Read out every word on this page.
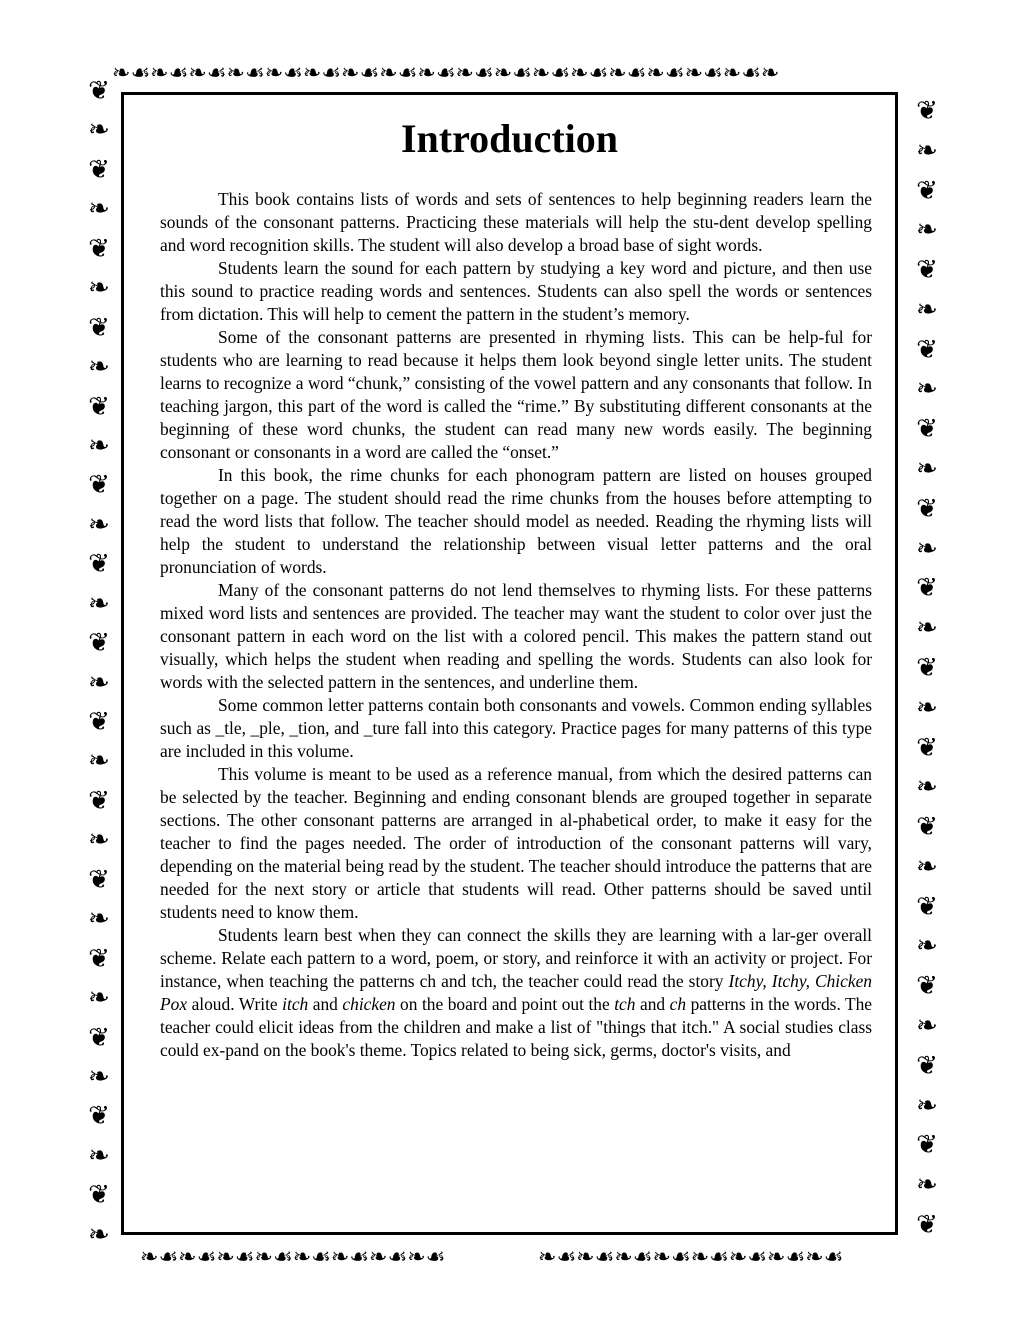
❧ ☙ ❧ ☙ ❧ ☙ ❧ ☙ ❧ ☙ ❧ ☙ ❧ ☙ ❧ ☙ ❧ ☙ ❧ ☙ ❧ ☙ ❧ ☙ ❧ ☙ ❧ ☙ ❧ ☙ ❧ ☙ ❧ ☙ ❧
❧ ☙ ❧ ☙ ❧ ☙ ❧ ☙ ❧ ☙ ❧ ☙ ❧ ☙ ❧ ☙	❧ ☙ ❧ ☙ ❧ ☙ ❧ ☙ ❧ ☙ ❧ ☙ ❧ ☙ ❧ ☙
❦
❧
❦
❧
❦
❧
❦
❧
❦
❧
❦
❧
❦
❧
❦
❧
❦
❧
❦
❧
❦
❧
❦
❧
❦
❧
❦
❧
❦
❧
❦
❧
❦
❧
❦
❧
❦
❧
❦
❧
❦
❧
❦
❧
❦
❧
❦
❧
❦
❧
❦
❧
❦
❧
❦
❧
❦
❧
❦
Introduction

This book contains lists of words and sets of sentences to help beginning readers learn the sounds of the consonant patterns. Practicing these materials will help the stu-dent develop spelling and word recognition skills. The student will also develop a broad base of sight words.

Students learn the sound for each pattern by studying a key word and picture, and then use this sound to practice reading words and sentences. Students can also spell the words or sentences from dictation. This will help to cement the pattern in the student’s memory.

Some of the consonant patterns are presented in rhyming lists. This can be help-ful for students who are learning to read because it helps them look beyond single letter units. The student learns to recognize a word “chunk,” consisting of the vowel pattern and any consonants that follow. In teaching jargon, this part of the word is called the “rime.” By substituting different consonants at the beginning of these word chunks, the student can read many new words easily. The beginning consonant or consonants in a word are called the “onset.”

In this book, the rime chunks for each phonogram pattern are listed on houses grouped together on a page. The student should read the rime chunks from the houses before attempting to read the word lists that follow. The teacher should model as needed. Reading the rhyming lists will help the student to understand the relationship between visual letter patterns and the oral pronunciation of words.

Many of the consonant patterns do not lend themselves to rhyming lists. For these patterns mixed word lists and sentences are provided. The teacher may want the student to color over just the consonant pattern in each word on the list with a colored pencil. This makes the pattern stand out visually, which helps the student when reading and spelling the words. Students can also look for words with the selected pattern in the sentences, and underline them.

Some common letter patterns contain both consonants and vowels. Common ending syllables such as _tle, _ple, _tion, and _ture fall into this category. Practice pages for many patterns of this type are included in this volume.

This volume is meant to be used as a reference manual, from which the desired patterns can be selected by the teacher. Beginning and ending consonant blends are grouped together in separate sections. The other consonant patterns are arranged in al-phabetical order, to make it easy for the teacher to find the pages needed. The order of introduction of the consonant patterns will vary, depending on the material being read by the student. The teacher should introduce the patterns that are needed for the next story or article that students will read. Other patterns should be saved until students need to know them.

Students learn best when they can connect the skills they are learning with a lar-ger overall scheme. Relate each pattern to a word, poem, or story, and reinforce it with an activity or project. For instance, when teaching the patterns ch and tch, the teacher could read the story Itchy, Itchy, Chicken Pox aloud. Write itch and chicken on the board and point out the tch and ch patterns in the words. The teacher could elicit ideas from the children and make a list of "things that itch." A social studies class could ex-pand on the book's theme. Topics related to being sick, germs, doctor's visits, and
